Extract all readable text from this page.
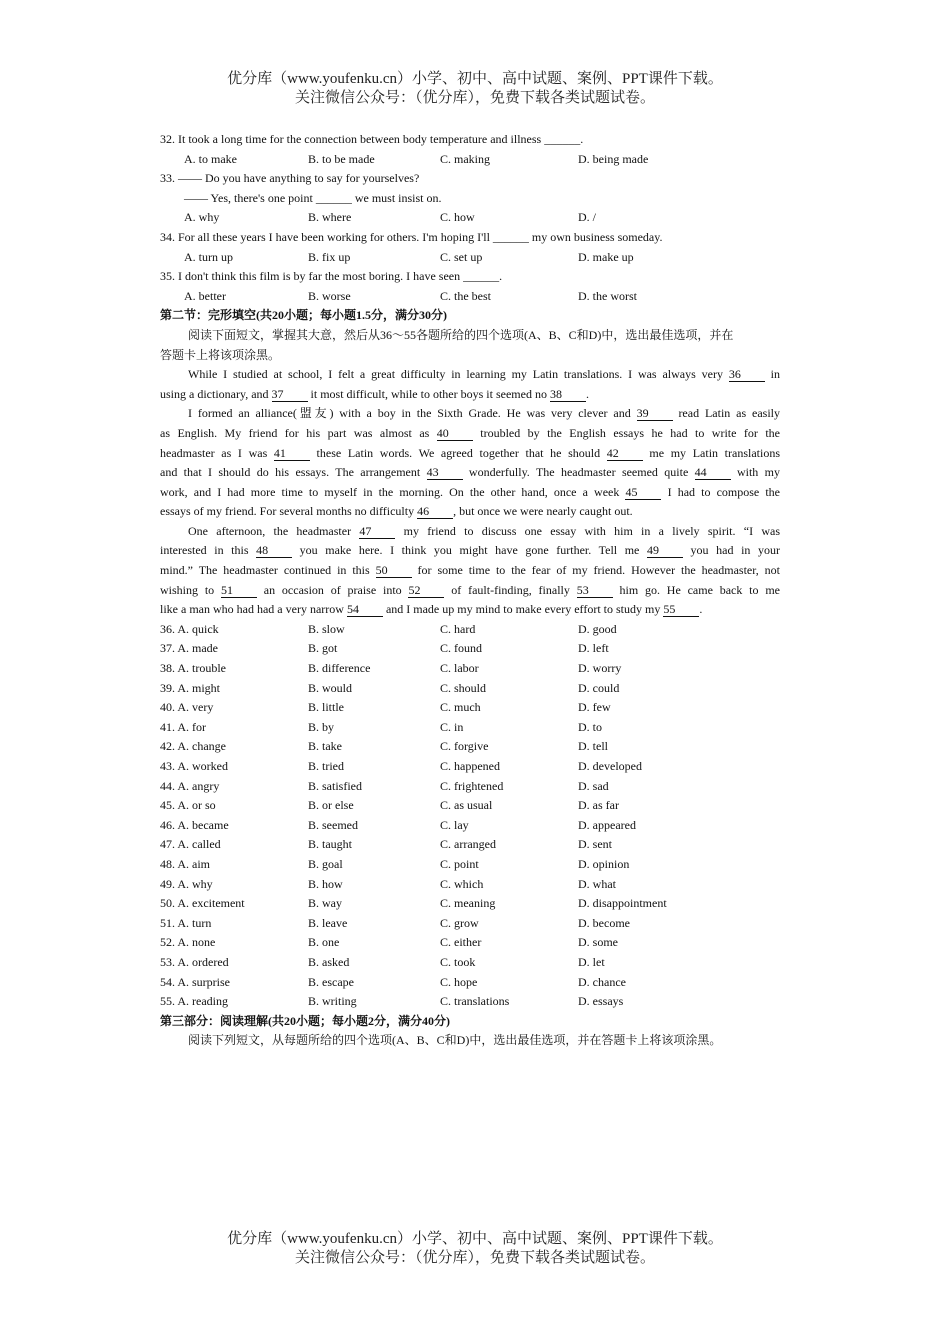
优分库（www.youfenku.cn）小学、初中、高中试题、案例、PPT课件下载。
关注微信公众号：（优分库），免费下载各类试题试卷。
32. It took a long time for the connection between body temperature and illness ______.
A. to make	B. to be made	C. making	D. being made
33. —— Do you have anything to say for yourselves?
—— Yes, there's one point ______ we must insist on.
A. why	B. where	C. how	D. /
34. For all these years I have been working for others. I'm hoping I'll ______ my own business someday.
A. turn up	B. fix up	C. set up	D. make up
35. I don't think this film is by far the most boring. I have seen ______.
A. better	B. worse	C. the best	D. the worst
第二节：完形填空(共20小题；每小题1.5分，满分30分)
阅读下面短文，掌握其大意，然后从36～55各题所给的四个选项(A、B、C和D)中，选出最佳选项，并在
答题卡上将该项涂黑。
While I studied at school, I felt a great difficulty in learning my Latin translations. I was always very 36 in
using a dictionary, and 37 it most difficult, while to other boys it seemed no 38 .
I formed an alliance(盟友) with a boy in the Sixth Grade. He was very clever and 39 read Latin as easily
as English. My friend for his part was almost as 40 troubled by the English essays he had to write for the
headmaster as I was 41 these Latin words. We agreed together that he should 42 me my Latin translations
and that I should do his essays. The arrangement 43 wonderfully. The headmaster seemed quite 44 with my
work, and I had more time to myself in the morning. On the other hand, once a week 45 I had to compose the
essays of my friend. For several months no difficulty 46 , but once we were nearly caught out.
One afternoon, the headmaster 47 my friend to discuss one essay with him in a lively spirit. “I was
interested in this 48 you make here. I think you might have gone further. Tell me 49 you had in your
mind.” The headmaster continued in this 50 for some time to the fear of my friend. However the headmaster, not
wishing to 51 an occasion of praise into 52 of fault-finding, finally 53 him go. He came back to me
like a man who had had a very narrow 54 and I made up my mind to make every effort to study my 55 .
36. A. quick	B. slow	C. hard	D. good
37. A. made	B. got	C. found	D. left
38. A. trouble	B. difference	C. labor	D. worry
39. A. might	B. would	C. should	D. could
40. A. very	B. little	C. much	D. few
41. A. for	B. by	C. in	D. to
42. A. change	B. take	C. forgive	D. tell
43. A. worked	B. tried	C. happened	D. developed
44. A. angry	B. satisfied	C. frightened	D. sad
45. A. or so	B. or else	C. as usual	D. as far
46. A. became	B. seemed	C. lay	D. appeared
47. A. called	B. taught	C. arranged	D. sent
48. A. aim	B. goal	C. point	D. opinion
49. A. why	B. how	C. which	D. what
50. A. excitement	B. way	C. meaning	D. disappointment
51. A. turn	B. leave	C. grow	D. become
52. A. none	B. one	C. either	D. some
53. A. ordered	B. asked	C. took	D. let
54. A. surprise	B. escape	C. hope	D. chance
55. A. reading	B. writing	C. translations	D. essays
第三部分：阅读理解(共20小题；每小题2分，满分40分)
阅读下列短文，从每题所给的四个选项(A、B、C和D)中，选出最佳选项，并在答题卡上将该项涂黑。
优分库（www.youfenku.cn）小学、初中、高中试题、案例、PPT课件下载。
关注微信公众号：（优分库），免费下载各类试题试卷。
